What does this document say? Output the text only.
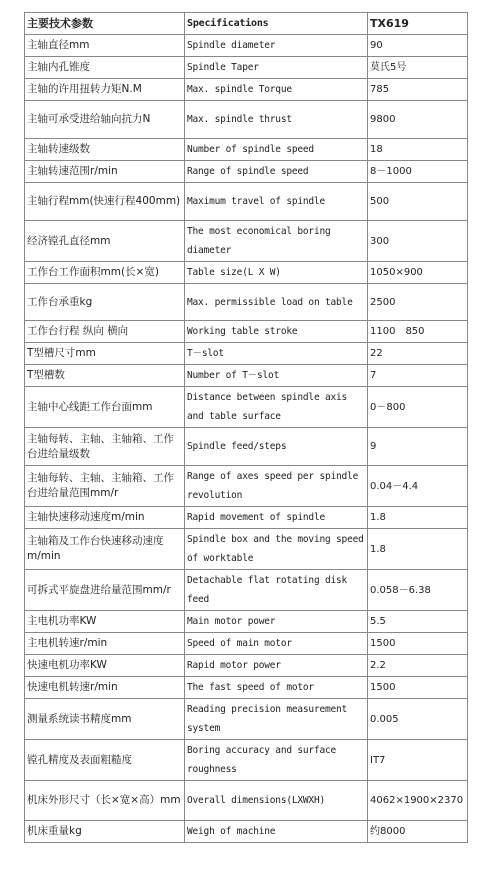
主要技术参数	Specifications	TX619
主轴直径mm	Spindle diameter	90
主轴内孔锥度	Spindle Taper	莫氏5号
主轴的许用扭转力矩N.M	Max. spindle Torque	785
主轴可承受进给轴向抗力N	Max. spindle thrust	9800
主轴转速级数	Number of spindle speed	18
主轴转速范围r/min	Range of spindle speed	8－1000
主轴行程mm(快速行程400mm)	Maximum travel of spindle	500
经济镗孔直径mm	The most economical boring diameter	300
工作台工作面积mm(长×宽)	Table size(L X W)	1050×900
工作台承重kg	Max. permissible load on table	2500
工作台行程 纵向 横向	Working table stroke	1100　850
T型槽尺寸mm	T－slot	22
T型槽数	Number of T－slot	7
主轴中心线距工作台面mm	Distance between spindle axis and table surface	0－800
主轴每转、主轴、主轴箱、工作台进给量级数	Spindle feed/steps	9
主轴每转、主轴、主轴箱、工作台进给量范围mm/r	Range of axes speed per spindle revolution	0.04－4.4
主轴快速移动速度m/min	Rapid movement of spindle	1.8
主轴箱及工作台快速移动速度m/min	Spindle box and the moving speed of worktable	1.8
可拆式平旋盘进给量范围mm/r	Detachable flat rotating disk feed	0.058－6.38
主电机功率KW	Main motor power	5.5
主电机转速r/min	Speed of main motor	1500
快速电机功率KW	Rapid motor power	2.2
快速电机转速r/min	The fast speed of motor	1500
测量系统读书精度mm	Reading precision measurement system	0.005
镗孔精度及表面粗糙度	Boring accuracy and surface roughness	IT7
机床外形尺寸（长×宽×高）mm	Overall dimensions(LXWXH)	4062×1900×2370
机床重量kg	Weigh of machine	约8000
